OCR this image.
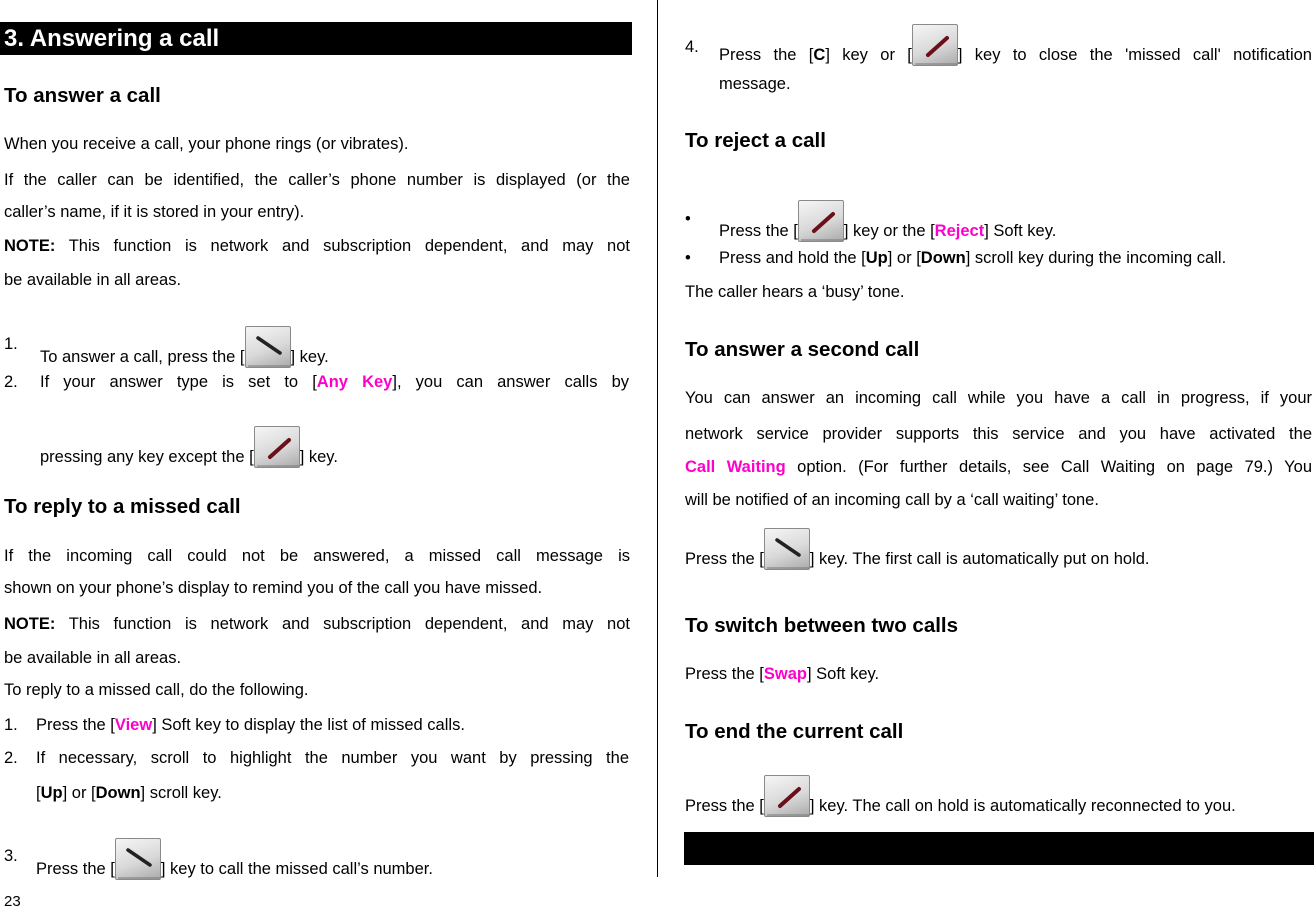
3. Answering a call
To answer a call
When you receive a call, your phone rings (or vibrates).
If the caller can be identified, the caller’s phone number is displayed (or the
caller’s name, if it is stored in your entry).
NOTE: This function is network and subscription dependent, and may not
be available in all areas.
1.
To answer a call, press the [	] key.
2. If your answer type is set to [Any Key], you can answer calls by
pressing any key except the [	] key.
To reply to a missed call
If the incoming call could not be answered, a missed call message is
shown on your phone’s display to remind you of the call you have missed.
NOTE: This function is network and subscription dependent, and may not
be available in all areas.
To reply to a missed call, do the following.
1. Press the [View] Soft key to display the list of missed calls.
2. If necessary, scroll to highlight the number you want by pressing the
[Up] or [Down] scroll key.
3.
Press the [	] key to call the missed call’s number.
4. Press the [C] key or [	] key to close the 'missed call' notification
message.
To reject a call
•
Press the [	] key or the [Reject] Soft key.
• Press and hold the [Up] or [Down] scroll key during the incoming call.
The caller hears a ‘busy’ tone.
To answer a second call
You can answer an incoming call while you have a call in progress, if your
network service provider supports this service and you have activated the
Call Waiting option. (For further details, see Call Waiting on page 79.) You
will be notified of an incoming call by a ‘call waiting’ tone.
Press the [	] key. The first call is automatically put on hold.
To switch between two calls
Press the [Swap] Soft key.
To end the current call
Press the [	] key. The call on hold is automatically reconnected to you.
23
